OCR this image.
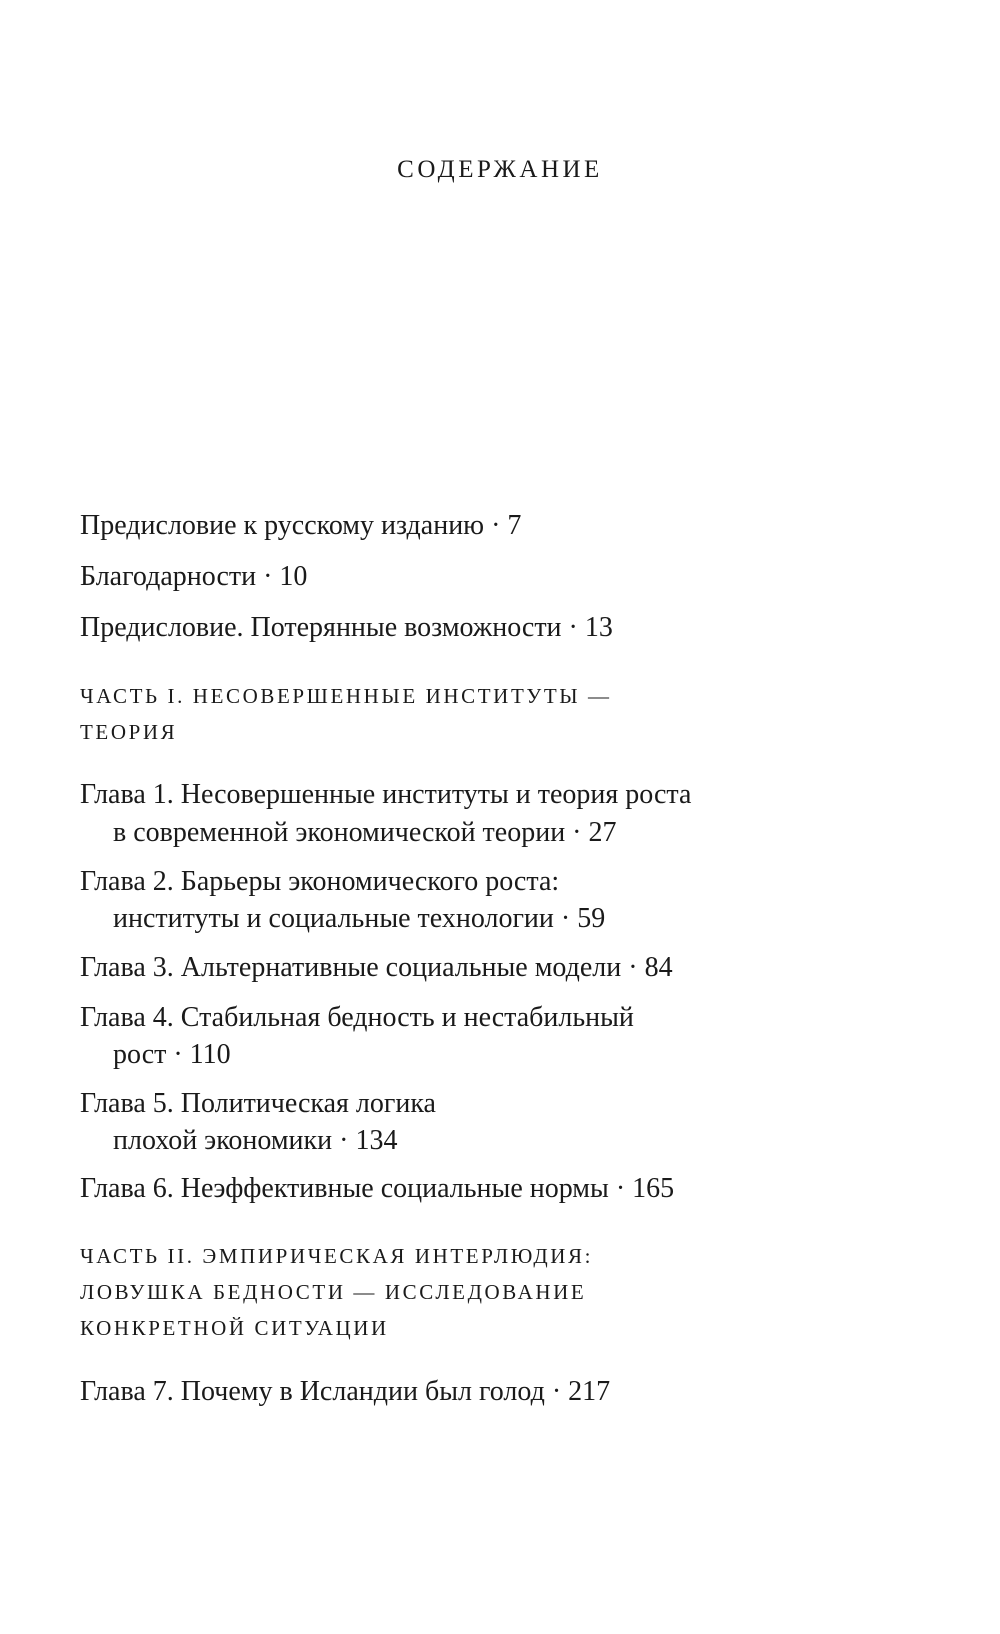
СОДЕРЖАНИЕ
Предисловие к русскому изданию · 7
Благодарности · 10
Предисловие. Потерянные возможности · 13
ЧАСТЬ I. НЕСОВЕРШЕННЫЕ ИНСТИТУТЫ —
ТЕОРИЯ
Глава 1. Несовершенные институты и теория роста
в современной экономической теории · 27
Глава 2. Барьеры экономического роста:
институты и социальные технологии · 59
Глава 3. Альтернативные социальные модели · 84
Глава 4. Стабильная бедность и нестабильный
рост · 110
Глава 5. Политическая логика
плохой экономики · 134
Глава 6. Неэффективные социальные нормы · 165
ЧАСТЬ II. ЭМПИРИЧЕСКАЯ ИНТЕРЛЮДИЯ:
ЛОВУШКА БЕДНОСТИ — ИССЛЕДОВАНИЕ
КОНКРЕТНОЙ СИТУАЦИИ
Глава 7. Почему в Исландии был голод · 217
